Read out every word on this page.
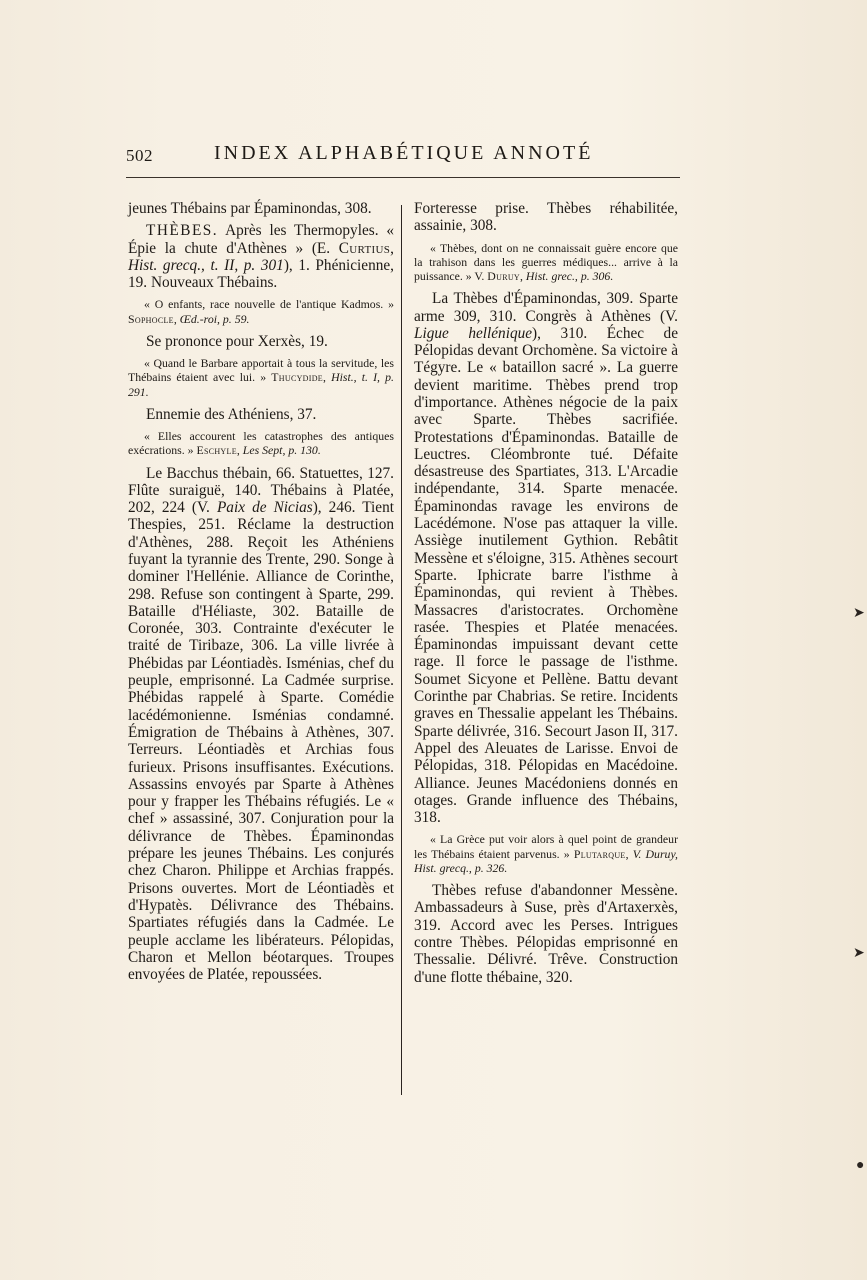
502	INDEX ALPHABÉTIQUE ANNOTÉ

jeunes Thébains par Épaminondas, 308.

THÈBES. Après les Thermopyles. « Épie la chute d'Athènes » (E. Curtius, Hist. grecq., t. II, p. 301), 1. Phénicienne, 19. Nouveaux Thébains.

« O enfants, race nouvelle de l'antique Kadmos. » Sophocle, Œd.-roi, p. 59.

Se prononce pour Xerxès, 19.

« Quand le Barbare apportait à tous la servitude, les Thébains étaient avec lui. » Thucydide, Hist., t. I, p. 291.

Ennemie des Athéniens, 37.

« Elles accourent les catastrophes des antiques exécrations. » Eschyle, Les Sept, p. 130.

Le Bacchus thébain, 66. Statuettes, 127. Flûte suraiguë, 140. Thébains à Platée, 202, 224 (V. Paix de Nicias), 246. Tient Thespies, 251. Réclame la destruction d'Athènes, 288. Reçoit les Athéniens fuyant la tyrannie des Trente, 290. Songe à dominer l'Hellénie. Alliance de Corinthe, 298. Refuse son contingent à Sparte, 299. Bataille d'Héliaste, 302. Bataille de Coronée, 303. Contrainte d'exécuter le traité de Tiribaze, 306. La ville livrée à Phébidas par Léontiadès. Isménias, chef du peuple, emprisonné. La Cadmée surprise. Phébidas rappelé à Sparte. Comédie lacédémonienne. Isménias condamné. Émigration de Thébains à Athènes, 307. Terreurs. Léontiadès et Archias fous furieux. Prisons insuffisantes. Exécutions. Assassins envoyés par Sparte à Athènes pour y frapper les Thébains réfugiés. Le « chef » assassiné, 307. Conjuration pour la délivrance de Thèbes. Épaminondas prépare les jeunes Thébains. Les conjurés chez Charon. Philippe et Archias frappés. Prisons ouvertes. Mort de Léontiadès et d'Hypatès. Délivrance des Thébains. Spartiates réfugiés dans la Cadmée. Le peuple acclame les libérateurs. Pélopidas, Charon et Mellon béotarques. Troupes envoyées de Platée, repoussées.

Forteresse prise. Thèbes réhabilitée, assainie, 308.

« Thèbes, dont on ne connaissait guère encore que la trahison dans les guerres médiques... arrive à la puissance. » V. Duruy, Hist. grec., p. 306.

La Thèbes d'Épaminondas, 309. Sparte arme 309, 310. Congrès à Athènes (V. Ligue hellénique), 310. Échec de Pélopidas devant Orchomène. Sa victoire à Tégyre. Le « bataillon sacré ». La guerre devient maritime. Thèbes prend trop d'importance. Athènes négocie de la paix avec Sparte. Thèbes sacrifiée. Protestations d'Épaminondas. Bataille de Leuctres. Cléombronte tué. Défaite désastreuse des Spartiates, 313. L'Arcadie indépendante, 314. Sparte menacée. Épaminondas ravage les environs de Lacédémone. N'ose pas attaquer la ville. Assiège inutilement Gythion. Rebâtit Messène et s'éloigne, 315. Athènes secourt Sparte. Iphicrate barre l'isthme à Épaminondas, qui revient à Thèbes. Massacres d'aristocrates. Orchomène rasée. Thespies et Platée menacées. Épaminondas impuissant devant cette rage. Il force le passage de l'isthme. Soumet Sicyone et Pellène. Battu devant Corinthe par Chabrias. Se retire. Incidents graves en Thessalie appelant les Thébains. Sparte délivrée, 316. Secourt Jason II, 317. Appel des Aleuates de Larisse. Envoi de Pélopidas, 318. Pélopidas en Macédoine. Alliance. Jeunes Macédoniens donnés en otages. Grande influence des Thébains, 318.

« La Grèce put voir alors à quel point de grandeur les Thébains étaient parvenus. » Plutarque, V. Duruy, Hist. grecq., p. 326.

Thèbes refuse d'abandonner Messène. Ambassadeurs à Suse, près d'Artaxerxès, 319. Accord avec les Perses. Intrigues contre Thèbes. Pélopidas emprisonné en Thessalie. Délivré. Trêve. Construction d'une flotte thébaine, 320.

➤
➤
●
